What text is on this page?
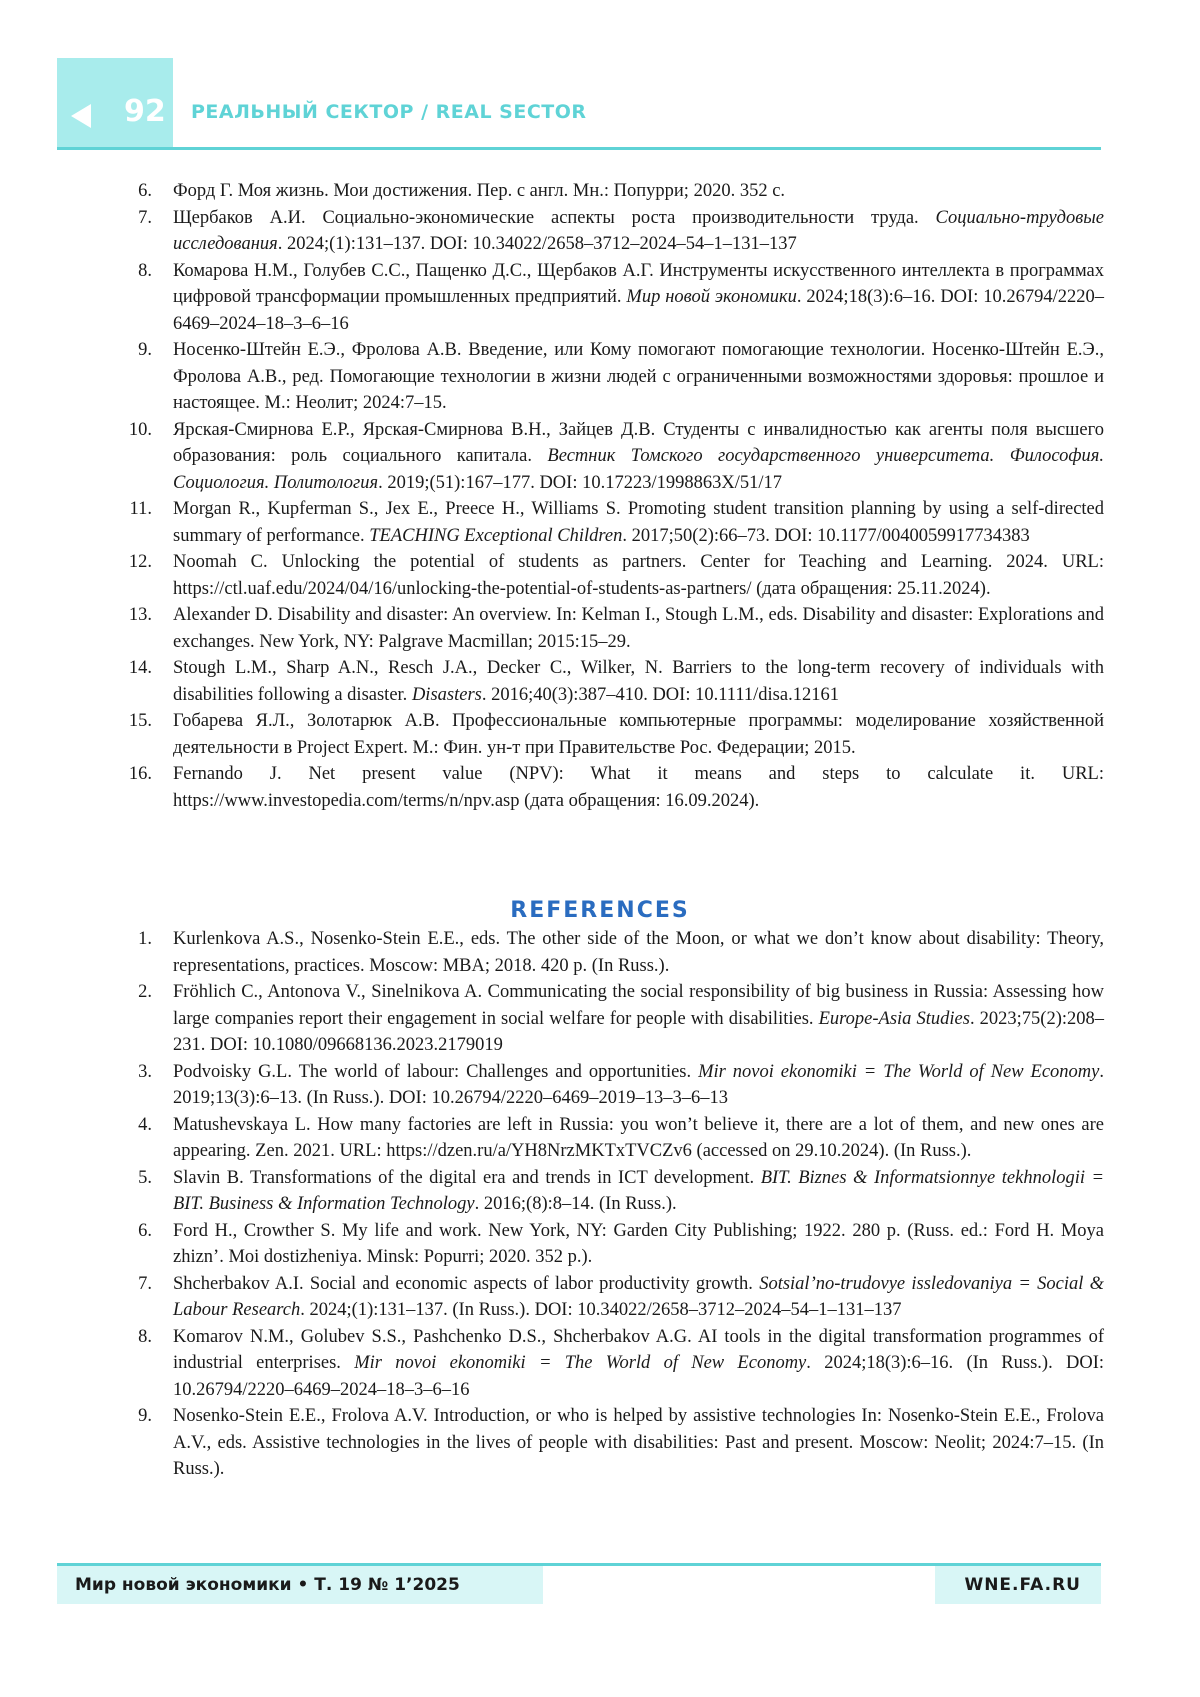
92 РЕАЛЬНЫЙ СЕКТОР / REAL SECTOR
6. Форд Г. Моя жизнь. Мои достижения. Пер. с англ. Мн.: Попурри; 2020. 352 с.
7. Щербаков А.И. Социально-экономические аспекты роста производительности труда. Социально-трудовые исследования. 2024;(1):131–137. DOI: 10.34022/2658–3712–2024–54–1–131–137
8. Комарова Н.М., Голубев С.С., Пащенко Д.С., Щербаков А.Г. Инструменты искусственного интеллекта в программах цифровой трансформации промышленных предприятий. Мир новой экономики. 2024;18(3):6–16. DOI: 10.26794/2220–6469–2024–18–3–6–16
9. Носенко-Штейн Е.Э., Фролова А.В. Введение, или Кому помогают помогающие технологии. Носенко-Штейн Е.Э., Фролова А.В., ред. Помогающие технологии в жизни людей с ограниченными возможностями здоровья: прошлое и настоящее. М.: Неолит; 2024:7–15.
10. Ярская-Смирнова Е.Р., Ярская-Смирнова В.Н., Зайцев Д.В. Студенты с инвалидностью как агенты поля высшего образования: роль социального капитала. Вестник Томского государственного университета. Философия. Социология. Политология. 2019;(51):167–177. DOI: 10.17223/1998863X/51/17
11. Morgan R., Kupferman S., Jex E., Preece H., Williams S. Promoting student transition planning by using a self-directed summary of performance. TEACHING Exceptional Children. 2017;50(2):66–73. DOI: 10.1177/0040059917734383
12. Noomah C. Unlocking the potential of students as partners. Center for Teaching and Learning. 2024. URL: https://ctl.uaf.edu/2024/04/16/unlocking-the-potential-of-students-as-partners/ (дата обращения: 25.11.2024).
13. Alexander D. Disability and disaster: An overview. In: Kelman I., Stough L.M., eds. Disability and disaster: Explorations and exchanges. New York, NY: Palgrave Macmillan; 2015:15–29.
14. Stough L.M., Sharp A.N., Resch J.A., Decker C., Wilker, N. Barriers to the long-term recovery of individuals with disabilities following a disaster. Disasters. 2016;40(3):387–410. DOI: 10.1111/disa.12161
15. Гобарева Я.Л., Золотарюк А.В. Профессиональные компьютерные программы: моделирование хозяйственной деятельности в Project Expert. М.: Фин. ун-т при Правительстве Рос. Федерации; 2015.
16. Fernando J. Net present value (NPV): What it means and steps to calculate it. URL: https://www.investopedia.com/terms/n/npv.asp (дата обращения: 16.09.2024).
REFERENCES
1. Kurlenkova A.S., Nosenko-Stein E.E., eds. The other side of the Moon, or what we don’t know about disability: Theory, representations, practices. Moscow: MBA; 2018. 420 p. (In Russ.).
2. Fröhlich C., Antonova V., Sinelnikova A. Communicating the social responsibility of big business in Russia: Assessing how large companies report their engagement in social welfare for people with disabilities. Europe-Asia Studies. 2023;75(2):208–231. DOI: 10.1080/09668136.2023.2179019
3. Podvoisky G.L. The world of labour: Challenges and opportunities. Mir novoi ekonomiki = The World of New Economy. 2019;13(3):6–13. (In Russ.). DOI: 10.26794/2220–6469–2019–13–3–6–13
4. Matushevskaya L. How many factories are left in Russia: you won’t believe it, there are a lot of them, and new ones are appearing. Zen. 2021. URL: https://dzen.ru/a/YH8NrzMKTxTVCZv6 (accessed on 29.10.2024). (In Russ.).
5. Slavin B. Transformations of the digital era and trends in ICT development. BIT. Biznes & Informatsionnye tekhnologii = BIT. Business & Information Technology. 2016;(8):8–14. (In Russ.).
6. Ford H., Crowther S. My life and work. New York, NY: Garden City Publishing; 1922. 280 p. (Russ. ed.: Ford H. Moya zhizn’. Moi dostizheniya. Minsk: Popurri; 2020. 352 p.).
7. Shcherbakov A.I. Social and economic aspects of labor productivity growth. Sotsial’no-trudovye issledovaniya = Social & Labour Research. 2024;(1):131–137. (In Russ.). DOI: 10.34022/2658–3712–2024–54–1–131–137
8. Komarov N.M., Golubev S.S., Pashchenko D.S., Shcherbakov A.G. AI tools in the digital transformation programmes of industrial enterprises. Mir novoi ekonomiki = The World of New Economy. 2024;18(3):6–16. (In Russ.). DOI: 10.26794/2220–6469–2024–18–3–6–16
9. Nosenko-Stein E.E., Frolova A.V. Introduction, or who is helped by assistive technologies In: Nosenko-Stein E.E., Frolova A.V., eds. Assistive technologies in the lives of people with disabilities: Past and present. Moscow: Neolit; 2024:7–15. (In Russ.).
Мир новой экономики • Т. 19 № 1’2025	WNE.FA.RU
